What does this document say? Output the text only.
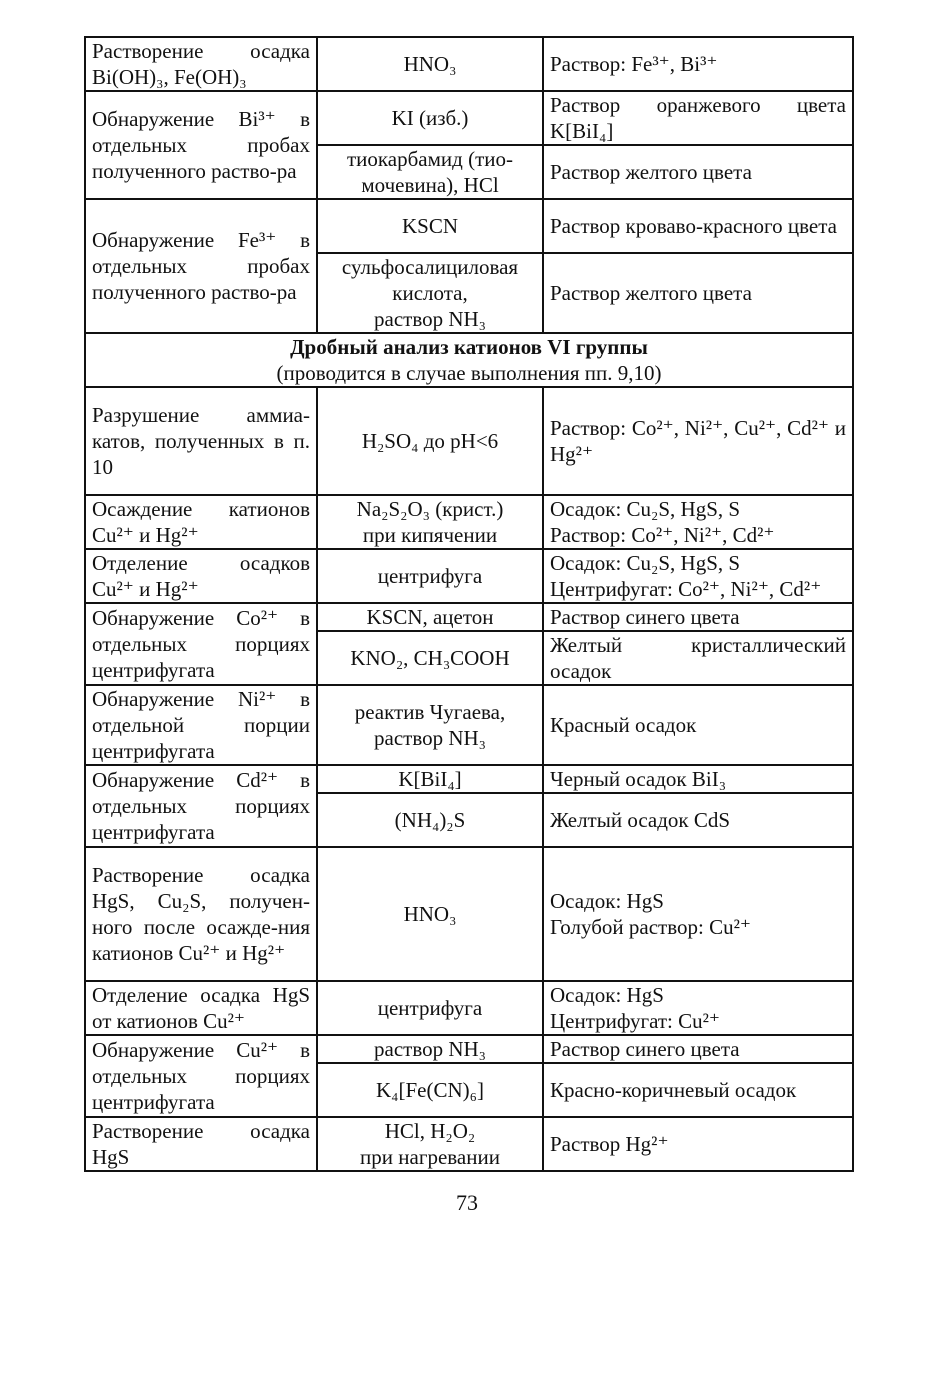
Растворение осадка Bi(OH)₃, Fe(OH)₃	HNO₃	Раствор: Fe³⁺, Bi³⁺

Обнаружение Bi³⁺ в отдельных пробах полученного раство-ра	KI (изб.)	Раствор оранжевого цвета K[BiI₄]

	тиокарбамид (тио-мочевина), HCl	Раствор желтого цвета

Обнаружение Fe³⁺ в отдельных пробах полученного раство-ра	KSCN	Раствор кроваво-красного цвета

	сульфосалициловая
кислота,
раствор NH₃	Раствор желтого цвета

Дробный анализ катионов VI группы
(проводится в случае выполнения пп. 9,10)		

Разрушение аммиа-катов, полученных в п. 10	H₂SO₄ до pH<6	Раствор: Co²⁺, Ni²⁺, Cu²⁺, Cd²⁺ и Hg²⁺

Осаждение катионов Cu²⁺ и Hg²⁺	Na₂S₂O₃ (крист.)
при кипячении	Осадок: Cu₂S, HgS, S
Раствор: Co²⁺, Ni²⁺, Cd²⁺

Отделение осадков Cu²⁺ и Hg²⁺	центрифуга	Осадок: Cu₂S, HgS, S
Центрифугат: Co²⁺, Ni²⁺, Cd²⁺

Обнаружение Co²⁺ в отдельных порциях центрифугата	KSCN, ацетон	Раствор синего цвета

	KNO₂, CH₃COOH	Желтый кристаллический осадок

Обнаружение Ni²⁺ в отдельной порции центрифугата	реактив Чугаева,
раствор NH₃	Красный осадок

Обнаружение Cd²⁺ в отдельных порциях центрифугата	K[BiI₄]	Черный осадок BiI₃

	(NH₄)₂S	Желтый осадок CdS

Растворение осадка HgS, Cu₂S, получен-ного после осажде-ния катионов Cu²⁺ и Hg²⁺	HNO₃	Осадок: HgS
Голубой раствор: Cu²⁺

Отделение осадка HgS от катионов Cu²⁺	центрифуга	Осадок: HgS
Центрифугат: Cu²⁺

Обнаружение Cu²⁺ в отдельных порциях центрифугата	раствор NH₃	Раствор синего цвета

	K₄[Fe(CN)₆]	Красно-коричневый осадок

Растворение осадка HgS	HCl, H₂O₂
при нагревании	Раствор Hg²⁺
73
